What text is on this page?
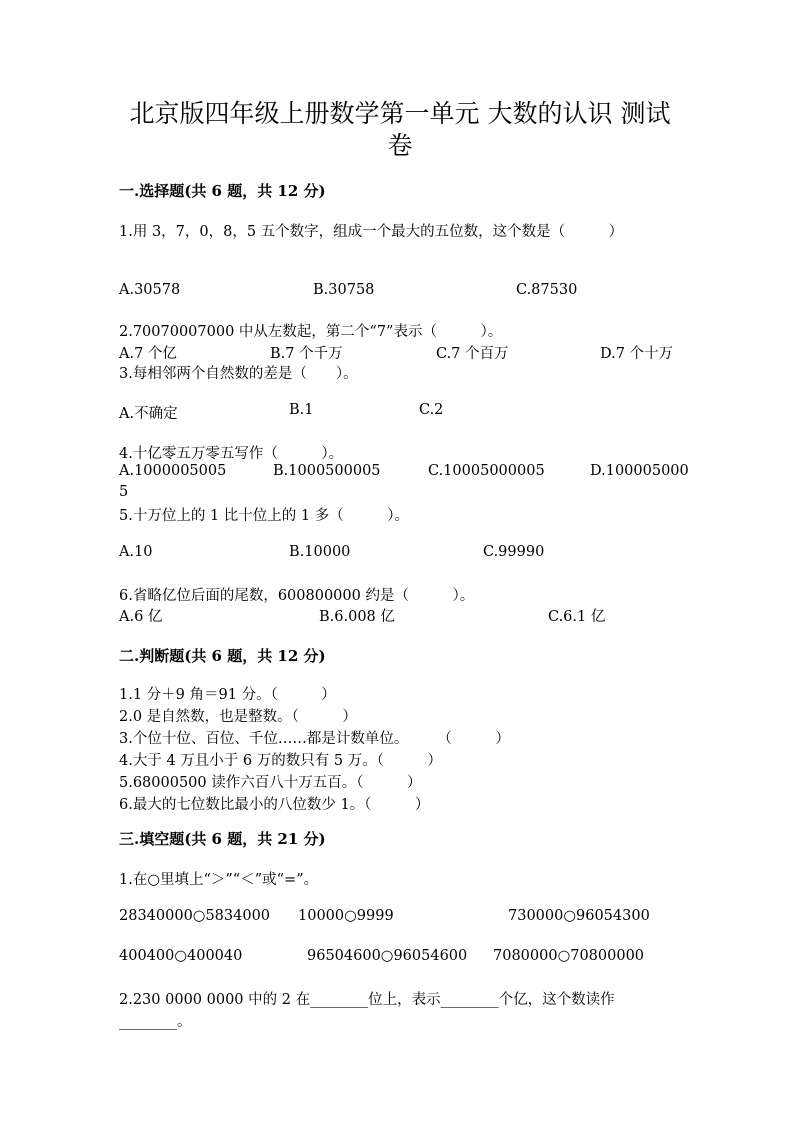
北京版四年级上册数学第一单元 大数的认识 测试
卷
一.选择题(共 6 题，共 12 分)
1.用 3，7，0，8，5 五个数字，组成一个最大的五位数，这个数是（　　　）
A.30578	B.30758	C.87530
2.70070007000 中从左数起，第二个“7”表示（　　　）。
A.7 个亿	B.7 个千万	C.7 个百万	D.7 个十万
3.每相邻两个自然数的差是（　　）。
A.不确定	B.1	C.2
4.十亿零五万零五写作（　　　）。
A.1000005005	B.1000500005	C.10005000005	D.100005000
5
5.十万位上的 1 比十位上的 1 多（　　　）。
A.10	B.10000	C.99990
6.省略亿位后面的尾数，600800000 约是（　　　）。
A.6 亿	B.6.008 亿	C.6.1 亿
二.判断题(共 6 题，共 12 分)
1.1 分＋9 角＝91 分。（　　　）
2.0 是自然数，也是整数。（　　　）
3.个位十位、百位、千位……都是计数单位。　　　（　　　）
4.大于 4 万且小于 6 万的数只有 5 万。（　　　）
5.68000500 读作六百八十万五百。（　　　）
6.最大的七位数比最小的八位数少 1。（　　　）
三.填空题(共 6 题，共 21 分)
1.在○里填上“＞”“＜”或“=”。
28340000○5834000 10000○9999	730000○96054300
400400○400040	96504600○96054600 7080000○70800000
2.230 0000 0000 中的 2 在________位上，表示________个亿，这个数读作
________。
